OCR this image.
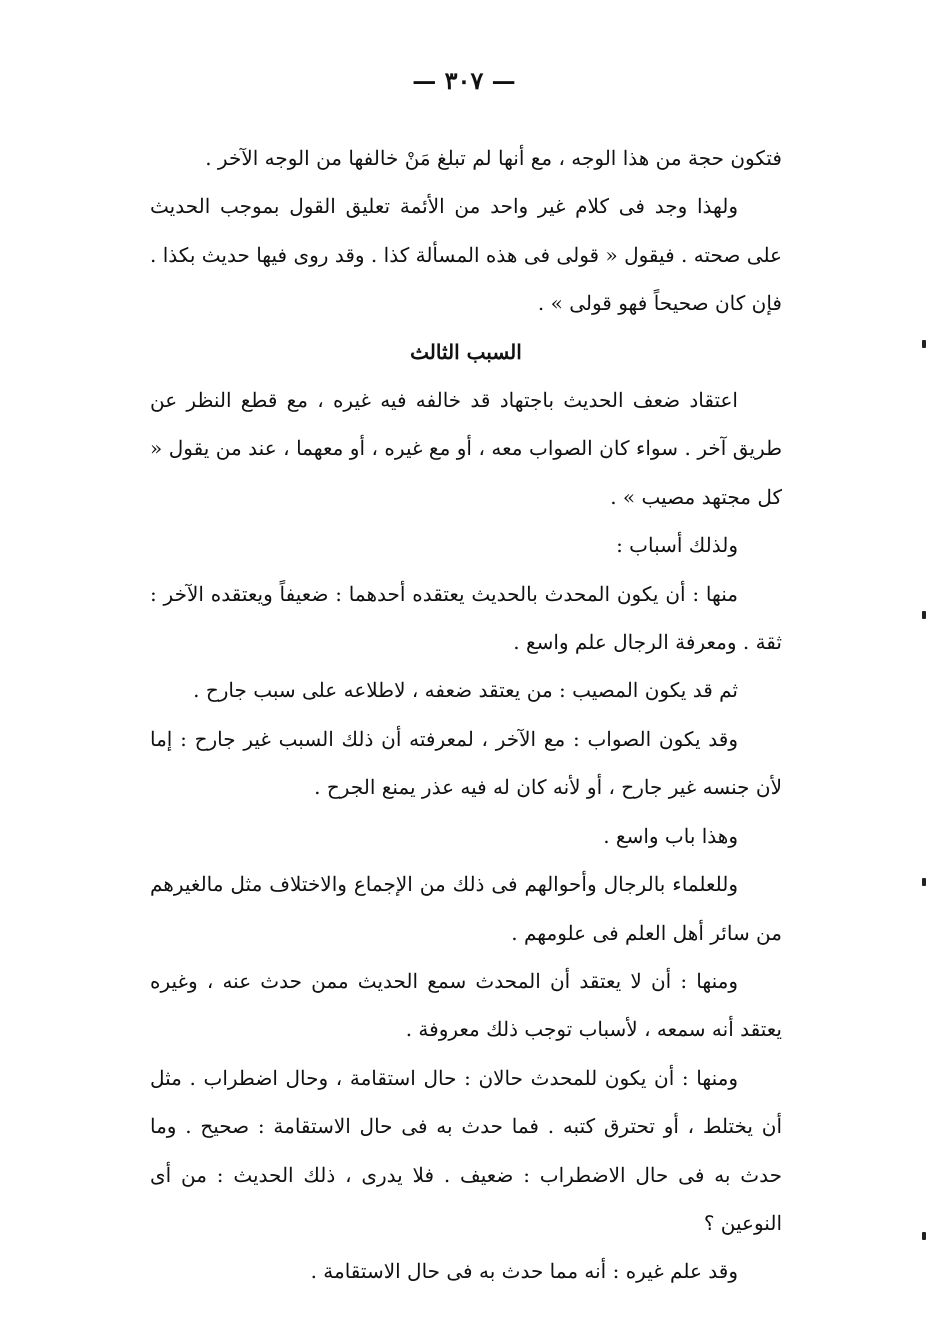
— ٣٠٧ —

فتكون حجة من هذا الوجه ، مع أنها لم تبلغ مَنْ خالفها من الوجه الآخر .

ولهذا وجد فى كلام غير واحد من الأئمة تعليق القول بموجب الحديث على صحته . فيقول « قولى فى هذه المسألة كذا . وقد روى فيها حديث بكذا . فإن كان صحيحاً فهو قولى » .

السبب الثالث

اعتقاد ضعف الحديث باجتهاد قد خالفه فيه غيره ، مع قطع النظر عن طريق آخر . سواء كان الصواب معه ، أو مع غيره ، أو معهما ، عند من يقول « كل مجتهد مصيب » .

ولذلك أسباب :

منها : أن يكون المحدث بالحديث يعتقده أحدهما : ضعيفاً ويعتقده الآخر : ثقة . ومعرفة الرجال علم واسع .

ثم قد يكون المصيب : من يعتقد ضعفه ، لاطلاعه على سبب جارح .

وقد يكون الصواب : مع الآخر ، لمعرفته أن ذلك السبب غير جارح : إما لأن جنسه غير جارح ، أو لأنه كان له فيه عذر يمنع الجرح .

وهذا باب واسع .

وللعلماء بالرجال وأحوالهم فى ذلك من الإجماع والاختلاف مثل مالغيرهم من سائر أهل العلم فى علومهم .

ومنها : أن لا يعتقد أن المحدث سمع الحديث ممن حدث عنه ، وغيره يعتقد أنه سمعه ، لأسباب توجب ذلك معروفة .

ومنها : أن يكون للمحدث حالان : حال استقامة ، وحال اضطراب . مثل أن يختلط ، أو تحترق كتبه . فما حدث به فى حال الاستقامة : صحيح . وما حدث به فى حال الاضطراب : ضعيف . فلا يدرى ، ذلك الحديث : من أى النوعين ؟

وقد علم غيره : أنه مما حدث به فى حال الاستقامة .
